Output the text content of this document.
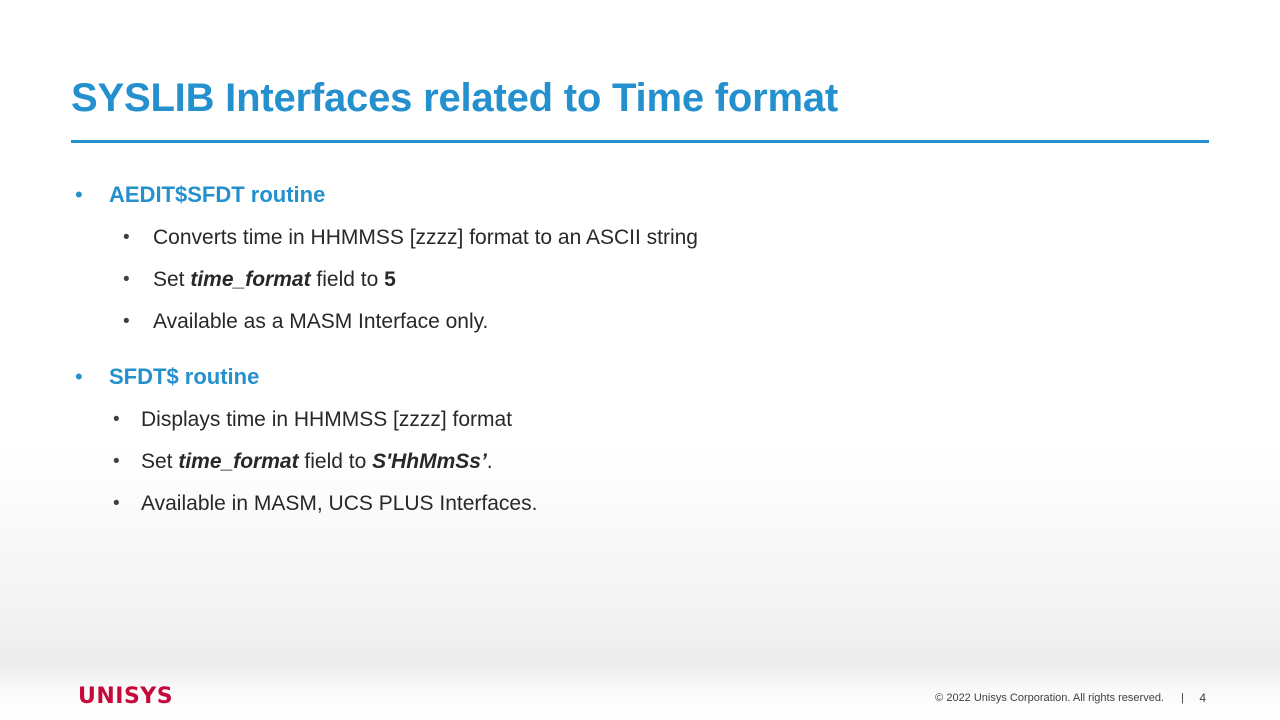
SYSLIB Interfaces related to Time format
• AEDIT$SFDT routine
• Converts time in HHMMSS [zzzz] format to an ASCII string
• Set time_format field to 5
• Available as a MASM Interface only.
• SFDT$ routine
• Displays time in HHMMSS [zzzz] format
• Set time_format field to S'HhMmSs’.
• Available in MASM, UCS PLUS Interfaces.
UNISYS	© 2022 Unisys Corporation. All rights reserved. | 4
